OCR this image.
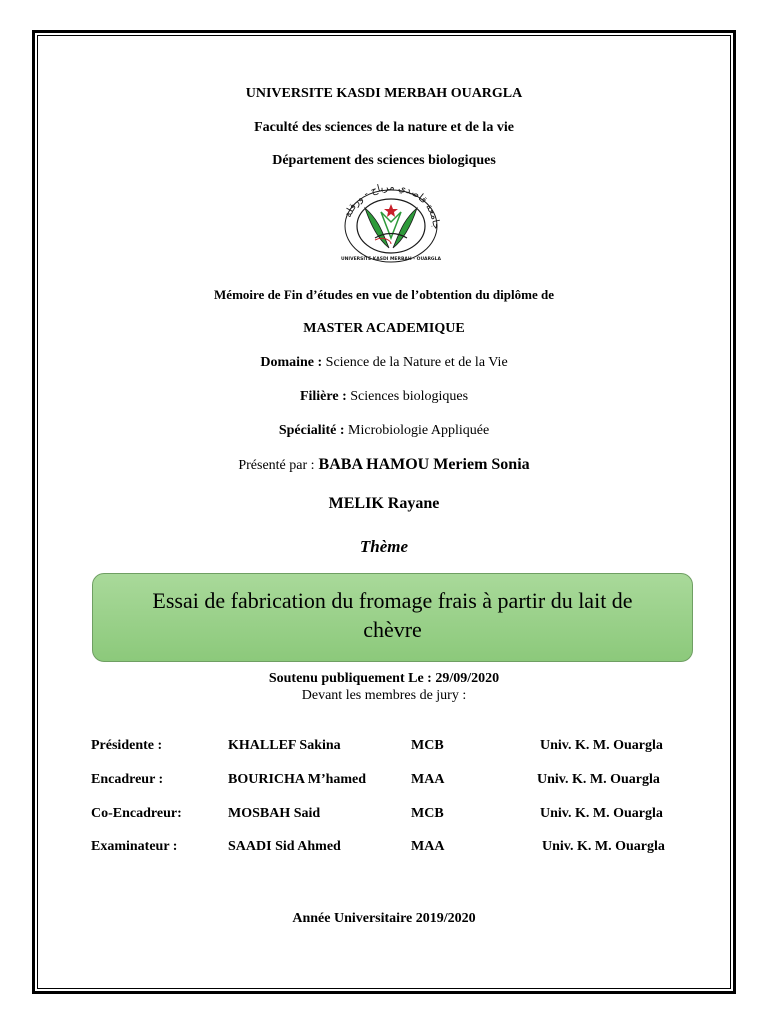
UNIVERSITE KASDI MERBAH OUARGLA
Faculté des sciences de la nature et de la vie
Département des sciences biologiques
جامعة قاصدي مرباح - ورقلة
UNIVERSITE KASDI MERBAH - OUARGLA
Mémoire de Fin d’études en vue de l’obtention du diplôme de
MASTER ACADEMIQUE
Domaine : Science de la Nature et de la Vie
Filière : Sciences biologiques
Spécialité : Microbiologie Appliquée
Présenté par : BABA HAMOU Meriem Sonia
MELIK Rayane
Thème
Essai de fabrication du fromage frais à partir du lait de
chèvre
Soutenu publiquement Le : 29/09/2020
Devant les membres de jury :
Présidente :	KHALLEF Sakina	MCB	Univ. K. M. Ouargla
Encadreur :	BOURICHA M’hamed	MAA	Univ. K. M. Ouargla
Co-Encadreur:	MOSBAH Said	MCB	Univ. K. M. Ouargla
Examinateur :	SAADI Sid Ahmed	MAA	Univ. K. M. Ouargla
Année Universitaire 2019/2020
